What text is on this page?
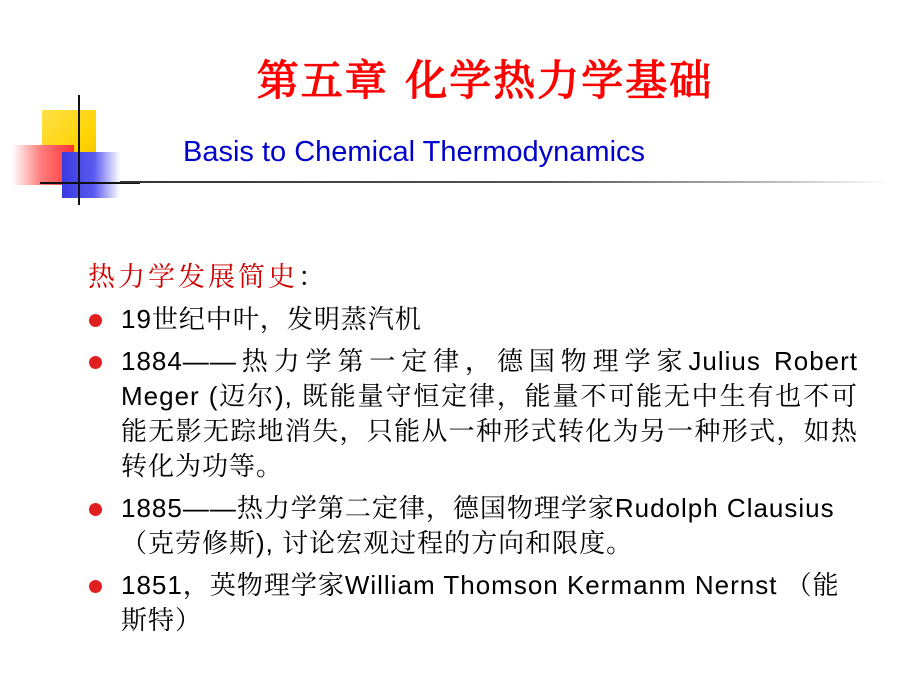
第五章 化学热力学基础
Basis to Chemical Thermodynamics
热力学发展简史：
19世纪中叶，发明蒸汽机
1884——热力学第一定律，德国物理学家Julius Robert Meger (迈尔), 既能量守恒定律，能量不可能无中生有也不可能无影无踪地消失，只能从一种形式转化为另一种形式，如热转化为功等。
1885——热力学第二定律，德国物理学家Rudolph Clausius （克劳修斯), 讨论宏观过程的方向和限度。
1851，英物理学家William Thomson Kermanm Nernst （能斯特）
